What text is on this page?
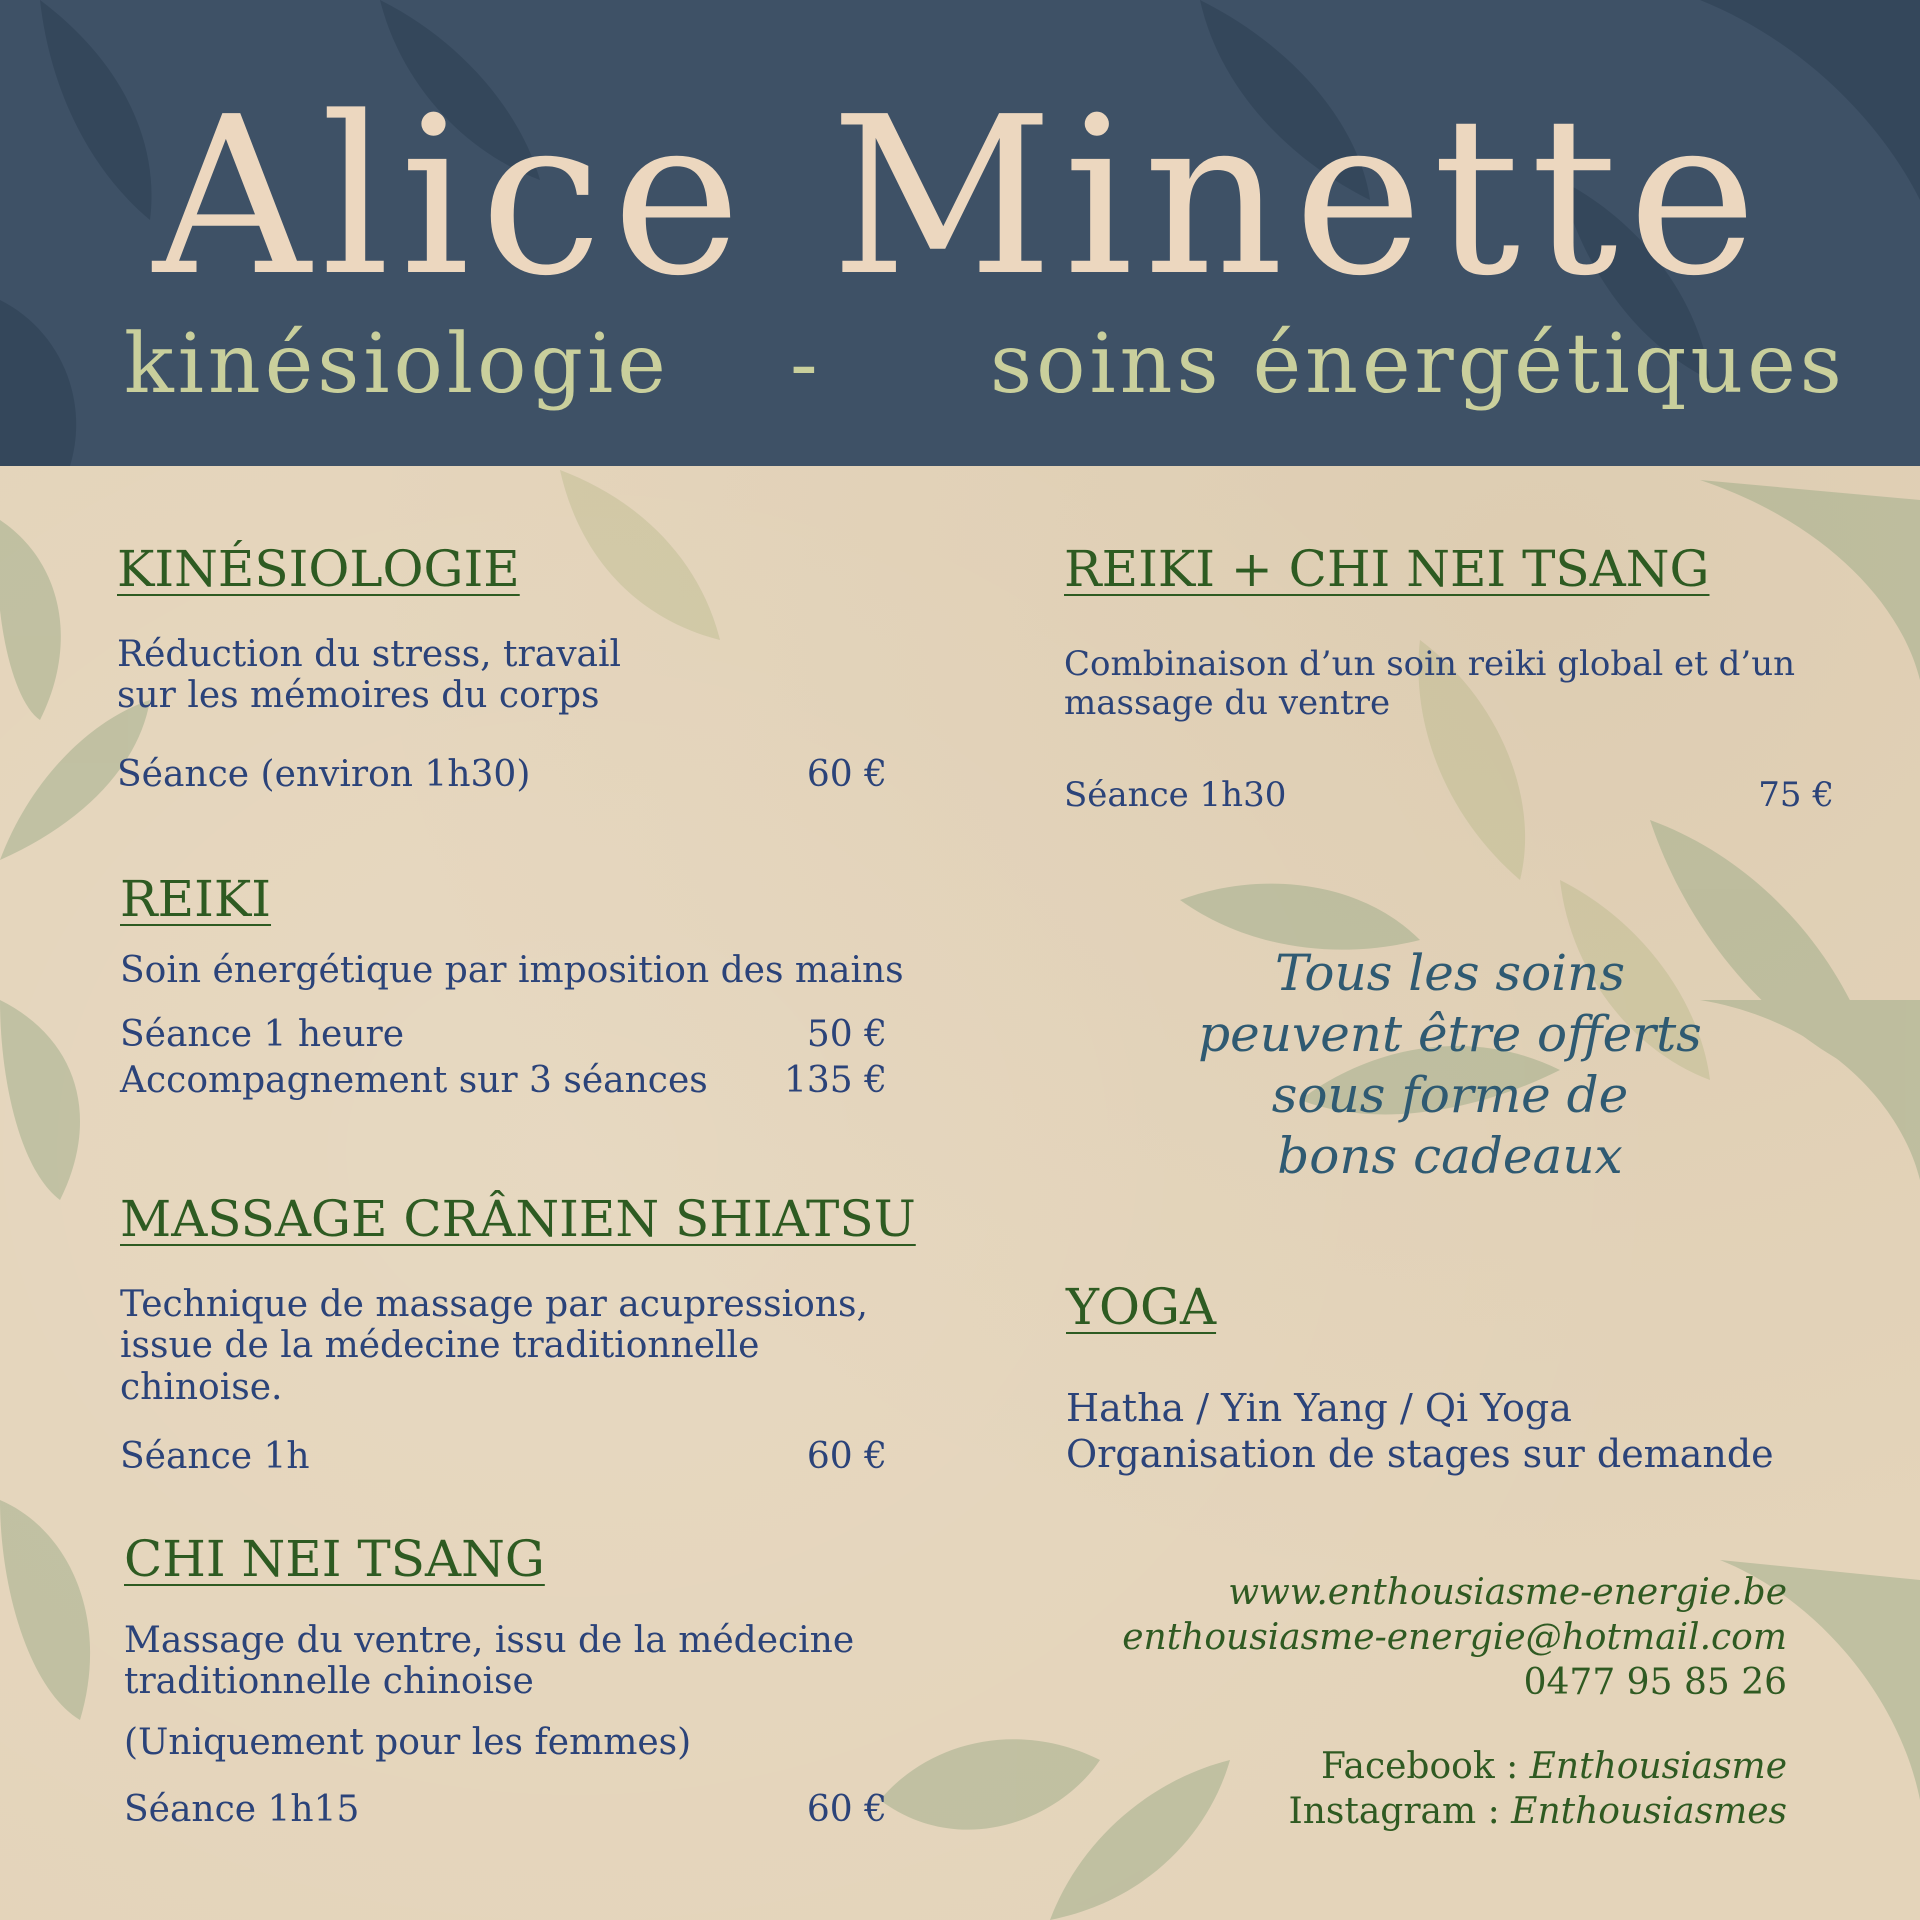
Alice Minette
kinésiologie - soins énergétiques
KINÉSIOLOGIE
Réduction du stress, travail
sur les mémoires du corps
Séance (environ 1h30)	60 €
REIKI
Soin énergétique par imposition des mains
Séance 1 heure	50 €
Accompagnement sur 3 séances 135 €
MASSAGE CRÂNIEN SHIATSU
Technique de massage par acupressions,
issue de la médecine traditionnelle
chinoise.
Séance 1h	60 €
CHI NEI TSANG
Massage du ventre, issu de la médecine
traditionnelle chinoise
(Uniquement pour les femmes)
Séance 1h15	60 €
REIKI + CHI NEI TSANG
Combinaison d’un soin reiki global et d’un
massage du ventre
Séance 1h30	75 €
Tous les soins
peuvent être offerts
sous forme de
bons cadeaux
YOGA
Hatha / Yin Yang / Qi Yoga
Organisation de stages sur demande
www.enthousiasme-energie.be
enthousiasme-energie@hotmail.com
0477 95 85 26
Facebook : Enthousiasme
Instagram : Enthousiasmes
